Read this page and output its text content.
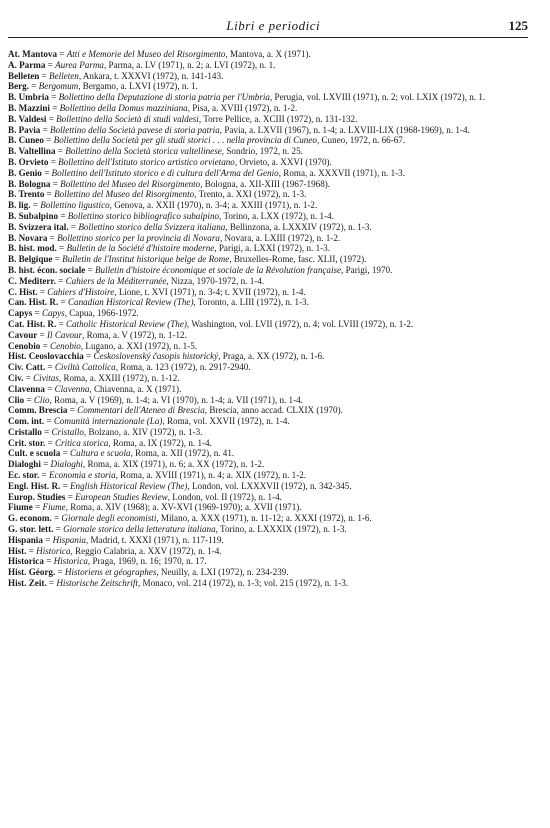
Libri e periodici	125
At. Mantova = Atti e Memorie del Museo del Risorgimento, Mantova, a. X (1971).
A. Parma = Aurea Parma, Parma, a. LV (1971), n. 2; a. LVI (1972), n. 1.
Belleten = Belleten, Ankara, t. XXXVI (1972), n. 141-143.
Berg. = Bergomum, Bergamo, a. LXVI (1972), n. 1.
B. Umbria = Bollettino della Deputazione di storia patria per l'Umbria, Perugia, vol. LXVIII (1971), n. 2; vol. LXIX (1972), n. 1.
B. Mazzini = Bollettino della Domus mazziniana, Pisa, a. XVIII (1972), n. 1-2.
B. Valdesi = Bollettino della Società di studi valdesi, Torre Pellice, a. XCIII (1972), n. 131-132.
B. Pavia = Bollettino della Società pavese di storia patria, Pavia, a. LXVII (1967), n. 1-4; a. LXVIII-LIX (1968-1969), n. 1-4.
B. Cuneo = Bollettino della Società per gli studi storici . . . nella provincia di Cuneo, Cuneo, 1972, n. 66-67.
B. Valtellina = Bollettino della Società storica valtellinese, Sondrio, 1972, n. 25.
B. Orvieto = Bollettino dell'Istituto storico artistico orvietano, Orvieto, a. XXVI (1970).
B. Genio = Bollettino dell'Istituto storico e di cultura dell'Arma del Genio, Roma, a. XXXVII (1971), n. 1-3.
B. Bologna = Bollettino del Museo del Risorgimento, Bologna, a. XII-XIII (1967-1968).
B. Trento = Bollettino del Museo del Risorgimento, Trento, a. XXI (1972), n. 1-3.
B. lig. = Bollettino ligustico, Genova, a. XXII (1970), n. 3-4; a. XXIII (1971), n. 1-2.
B. Subalpino = Bollettino storico bibliografico subalpino, Torino, a. LXX (1972), n. 1-4.
B. Svizzera ital. = Bollettino storico della Svizzera italiana, Bellinzona, a. LXXXIV (1972), n. 1-3.
B. Novara = Bollettino storico per la provincia di Novara, Novara, a. LXIII (1972), n. 1-2.
B. hist. mod. = Bulletin de la Société d'histoire moderne, Parigi, a. LXXI (1972), n. 1-3.
B. Belgique = Bulletin de l'Institut historique belge de Rome, Bruxelles-Rome, fasc. XLII, (1972).
B. hist. écon. sociale = Bulletin d'histoire économique et sociale de la Révolution française, Parigi, 1970.
C. Mediterr. = Cahiers de la Méditerranée, Nizza, 1970-1972, n. 1-4.
C. Hist. = Cahiers d'Histoire, Lione, t. XVI (1971), n. 3-4; t. XVII (1972), n. 1-4.
Can. Hist. R. = Canadian Historical Review (The), Toronto, a. LIII (1972), n. 1-3.
Capys = Capys, Capua, 1966-1972.
Cat. Hist. R. = Catholic Historical Review (The), Washington, vol. LVII (1972), n. 4; vol. LVIII (1972), n. 1-2.
Cavour = Il Cavour, Roma, a. V (1972), n. 1-12.
Cenobio = Cenobio, Lugano, a. XXI (1972), n. 1-5.
Hist. Ceoslovacchia = Československý časopis historický, Praga, a. XX (1972), n. 1-6.
Civ. Catt. = Civiltà Cattolica, Roma, a. 123 (1972), n. 2917-2940.
Civ. = Civitas, Roma, a. XXIII (1972), n. 1-12.
Clavenna = Clavenna, Chiavenna, a. X (1971).
Clio = Clio, Roma, a. V (1969), n. 1-4; a. VI (1970), n. 1-4; a. VII (1971), n. 1-4.
Comm. Brescia = Commentari dell'Ateneo di Brescia, Brescia, anno accad. CLXIX (1970).
Com. int. = Comunità internazionale (La), Roma, vol. XXVII (1972), n. 1-4.
Cristallo = Cristallo, Bolzano, a. XIV (1972), n. 1-3.
Crit. stor. = Critica storica, Roma, a. IX (1972), n. 1-4.
Cult. e scuola = Cultura e scuola, Roma, a. XII (1972), n. 41.
Dialoghi = Dialoghi, Roma, a. XIX (1971), n. 6; a. XX (1972), n. 1-2.
Ec. stor. = Economia e storia, Roma, a. XVIII (1971), n. 4; a. XIX (1972), n. 1-2.
Engl. Hist. R. = English Historical Review (The), London, vol. LXXXVII (1972), n. 342-345.
Europ. Studies = European Studies Review, London, vol. II (1972), n. 1-4.
Fiume = Fiume, Roma, a. XIV (1968); a. XV-XVI (1969-1970); a. XVII (1971).
G. econom. = Giornale degli economisti, Milano, a. XXX (1971), n. 11-12; a. XXXI (1972), n. 1-6.
G. stor. lett. = Giornale storico della letteratura italiana, Torino, a. LXXXIX (1972), n. 1-3.
Hispania = Hispania, Madrid, t. XXXI (1971), n. 117-119.
Hist. = Historica, Reggio Calabria, a. XXV (1972), n. 1-4.
Historica = Historica, Praga, 1969, n. 16; 1970, n. 17.
Hist. Géorg. = Historiens et géographes, Neuilly, a. LXI (1972), n. 234-239.
Hist. Zeit. = Historische Zeitschrift, Monaco, vol. 214 (1972), n. 1-3; vol. 215 (1972), n. 1-3.
